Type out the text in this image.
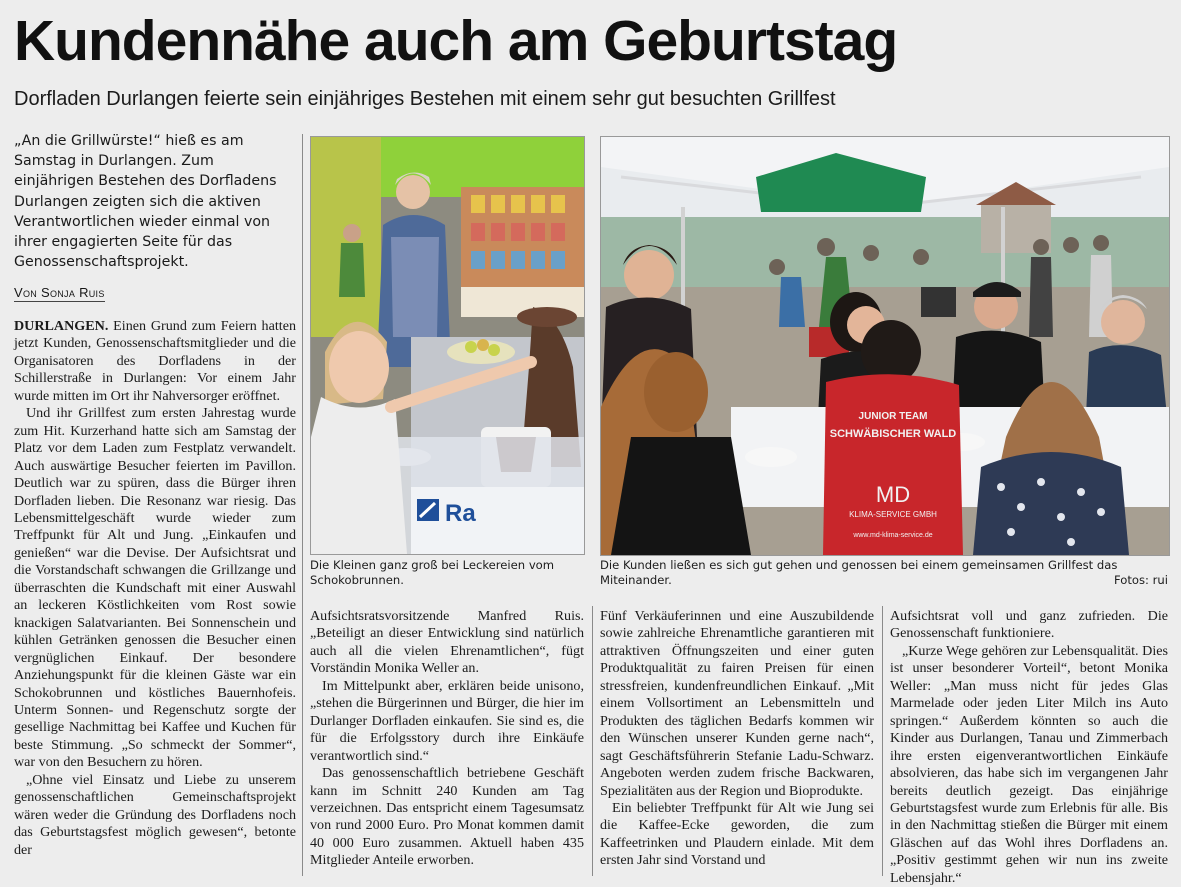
Kundennähe auch am Geburtstag
Dorfladen Durlangen feierte sein einjähriges Bestehen mit einem sehr gut besuchten Grillfest
„An die Grillwürste!“ hieß es am Samstag in Durlangen. Zum einjährigen Bestehen des Dorfladens Durlangen zeigten sich die aktiven Verantwortlichen wieder einmal von ihrer engagierten Seite für das Genossenschaftsprojekt.
Von Sonja Ruis

DURLANGEN. Einen Grund zum Feiern hatten jetzt Kunden, Genossenschaftsmitglieder und die Organisatoren des Dorfladens in der Schillerstraße in Durlangen: Vor einem Jahr wurde mitten im Ort ihr Nahversorger eröffnet.

Und ihr Grillfest zum ersten Jahrestag wurde zum Hit. Kurzerhand hatte sich am Samstag der Platz vor dem Laden zum Festplatz verwandelt. Auch auswärtige Besucher feierten im Pavillon. Deutlich war zu spüren, dass die Bürger ihren Dorfladen lieben. Die Resonanz war riesig. Das Lebensmittelgeschäft wurde wieder zum Treffpunkt für Alt und Jung. „Einkaufen und genießen“ war die Devise. Der Aufsichtsrat und die Vorstandschaft schwangen die Grillzange und überraschten die Kundschaft mit einer Auswahl an leckeren Köstlichkeiten vom Rost sowie knackigen Salatvarianten. Bei Sonnenschein und kühlen Getränken genossen die Besucher einen vergnüglichen Einkauf. Der besondere Anziehungspunkt für die kleinen Gäste war ein Schokobrunnen und köstliches Bauernhofeis. Unterm Sonnen- und Regenschutz sorgte der gesellige Nachmittag bei Kaffee und Kuchen für beste Stimmung. „So schmeckt der Sommer“, war von den Besuchern zu hören.

„Ohne viel Einsatz und Liebe zu unserem genossenschaftlichen Gemeinschaftsprojekt wären weder die Gründung des Dorfladens noch das Geburtstagsfest möglich gewesen“, betonte der

Ra
Die Kleinen ganz groß bei Leckereien vom Schokobrunnen.
JUNIOR TEAM
SCHWÄBISCHER WALD
MD
KLIMA-SERVICE GMBH
www.md-klima-service.de
Die Kunden ließen es sich gut gehen und genossen bei einem gemeinsamen Grillfest das Miteinander.	Fotos: rui

Aufsichtsratsvorsitzende Manfred Ruis. „Beteiligt an dieser Entwicklung sind natürlich auch all die vielen Ehrenamtlichen“, fügt Vorständin Monika Weller an.

Im Mittelpunkt aber, erklären beide unisono, „stehen die Bürgerinnen und Bürger, die hier im Durlanger Dorfladen einkaufen. Sie sind es, die für die Erfolgsstory durch ihre Einkäufe verantwortlich sind.“

Das genossenschaftlich betriebene Geschäft kann im Schnitt 240 Kunden am Tag verzeichnen. Das entspricht einem Tagesumsatz von rund 2000 Euro. Pro Monat kommen damit 40 000 Euro zusammen. Aktuell haben 435 Mitglieder Anteile erworben.

Fünf Verkäuferinnen und eine Auszubildende sowie zahlreiche Ehrenamtliche garantieren mit attraktiven Öffnungszeiten und einer guten Produktqualität zu fairen Preisen für einen stressfreien, kundenfreundlichen Einkauf. „Mit einem Vollsortiment an Lebensmitteln und Produkten des täglichen Bedarfs kommen wir den Wünschen unserer Kunden gerne nach“, sagt Geschäftsführerin Stefanie Ladu-Schwarz. Angeboten werden zudem frische Backwaren, Spezialitäten aus der Region und Bioprodukte.

Ein beliebter Treffpunkt für Alt wie Jung sei die Kaffee-Ecke geworden, die zum Kaffeetrinken und Plaudern einlade. Mit dem ersten Jahr sind Vorstand und

Aufsichtsrat voll und ganz zufrieden. Die Genossenschaft funktioniere.

„Kurze Wege gehören zur Lebensqualität. Dies ist unser besonderer Vorteil“, betont Monika Weller: „Man muss nicht für jedes Glas Marmelade oder jeden Liter Milch ins Auto springen.“ Außerdem könnten so auch die Kinder aus Durlangen, Tanau und Zimmerbach ihre ersten eigenverantwortlichen Einkäufe absolvieren, das habe sich im vergangenen Jahr bereits deutlich gezeigt. Das einjährige Geburtstagsfest wurde zum Erlebnis für alle. Bis in den Nachmittag stießen die Bürger mit einem Gläschen auf das Wohl ihres Dorfladens an. „Positiv gestimmt gehen wir nun ins zweite Lebensjahr.“
